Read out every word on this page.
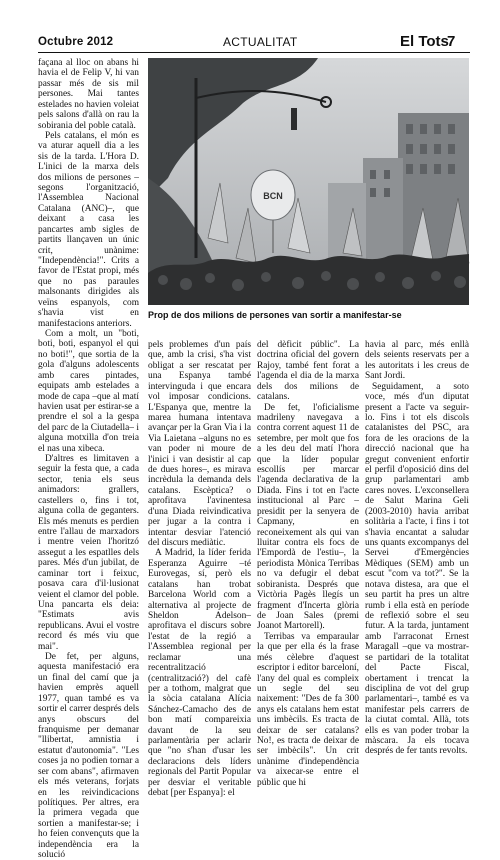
Octubre 2012	ACTUALITAT	El Tots
7

façana al lloc on abans hi havia el de Felip V, hi van passar més de sis mil persones. Mai tantes estelades no havien voleiat pels salons d'allà on rau la sobirania del poble català.

Pels catalans, el món es va aturar aquell dia a les sis de la tarda. L'Hora D. L'inici de la marxa dels dos milions de persones –segons l'organització, l'Assemblea Nacional Catalana (ANC)–, que deixant a casa les pancartes amb sigles de partits llançaven un únic crit, unànime: "Independència!". Crits a favor de l'Estat propi, més que no pas paraules malsonants dirigides als veïns espanyols, com s'havia vist en manifestacions anteriors.

Com a molt, un "boti, boti, boti, espanyol el qui no boti!", que sortia de la gola d'alguns adolescents amb cares pintades, equipats amb estelades a mode de capa –que al matí havien usat per estirar-se a prendre el sol a la gespa del parc de la Ciutadella– i alguna motxilla d'on treia el nas una xibeca.

D'altres es limitaven a seguir la festa que, a cada sector, tenia els seus animadors: grallers, castellers o, fins i tot, alguna colla de geganters. Els més menuts es perdien entre l'allau de marxadors i mentre veien l'horitzó assegut a les espatlles dels pares. Més d'un jubilat, de caminar tort i feixuc, posava cara d'il·lusionat veient el clamor del poble. Una pancarta els deia: "Estimats avis republicans. Avui el vostre record és més viu que mai".

De fet, per alguns, aquesta manifestació era un final del camí que ja havien emprès aquell 1977, quan també es va sortir el carrer després dels anys obscurs del franquisme per demanar "llibertat, amnistia i estatut d'autonomia". "Les coses ja no podien tornar a ser com abans", afirmaven els més veterans, forjats en les reivindicacions polítiques. Per altres, era la primera vegada que sortien a manifestar-se; i ho feien convençuts que la independència era la solució

BCN
Prop de dos milions de persones van sortir a manifestar-se

pels problemes d'un país que, amb la crisi, s'ha vist obligat a ser rescatat per una Espanya també intervinguda i que encara vol imposar condicions. L'Espanya que, mentre la marea humana intentava avançar per la Gran Via i la Via Laietana –alguns no es van poder ni moure de l'inici i van desistir al cap de dues hores–, es mirava incrèdula la demanda dels catalans. Escèptica? o aprofitava l'avinentesa d'una Diada reivindicativa per jugar a la contra i intentar desviar l'atenció del discurs mediàtic.

A Madrid, la líder ferida Esperanza Aguirre –té Eurovegas, sí, però els catalans han trobat Barcelona World com a alternativa al projecte de Sheldon Adelson– aprofitava el discurs sobre l'estat de la regió a l'Assemblea regional per reclamar una recentralització (centralització?) del cafè per a tothom, malgrat que la sòcia catalana Alícia Sánchez-Camacho des de bon matí compareixia davant de la seu parlamentària per aclarir que "no s'han d'usar les declaracions dels líders regionals del Partit Popular per desviar el veritable debat [per Espanya]: el

del dèficit públic". La doctrina oficial del govern Rajoy, també fent forat a l'agenda el dia de la marxa dels dos milions de catalans.

De fet, l'oficialisme madrileny navegava a contra corrent aquest 11 de setembre, per molt que fos a les deu del matí l'hora que la líder popular escollís per marcar l'agenda declarativa de la Diada. Fins i tot en l'acte institucional al Parc –presidit per la senyera de Capmany, en reconeixement als qui van lluitar contra els focs de l'Empordà de l'estiu–, la periodista Mònica Terribas no va defugir el debat sobiranista. Després que Victòria Pagès llegís un fragment d'Incerta glòria de Joan Sales (premi Joanot Martorell).

Terribas va emparaular la que per ella és la frase més cèlebre d'aquest escriptor i editor barceloní, l'any del qual es compleix un segle del seu naixement: "Des de fa 300 anys els catalans hem estat uns imbècils. Es tracta de deixar de ser catalans? No!, es tracta de deixar de ser imbècils". Un crit unànime d'independència va aixecar-se entre el públic que hi

havia al parc, més enllà dels seients reservats per a les autoritats i les creus de Sant Jordi.

Seguidament, a soto voce, més d'un diputat present a l'acte va seguir-lo. Fins i tot els discols catalanistes del PSC, ara fora de les oracions de la direcció nacional que ha gregut convenient enfortir el perfil d'oposició dins del grup parlamentari amb cares noves. L'exconsellera de Salut Marina Geli (2003-2010) havia arribat solitària a l'acte, i fins i tot s'havia encantat a saludar uns quants excompanys del Servei d'Emergències Mèdiques (SEM) amb un escut "com va tot?". Se la notava distesa, ara que el seu partit ha pres un altre rumb i ella està en període de reflexió sobre el seu futur. A la tarda, juntament amb l'arraconat Ernest Maragall –que va mostrar-se partidari de la totalitat del Pacte Fiscal, obertament i trencat la disciplina de vot del grup parlamentari–, també es va manifestar pels carrers de la ciutat comtal. Allà, tots ells es van poder trobar la màscara. Ja els tocava després de fer tants revolts.
